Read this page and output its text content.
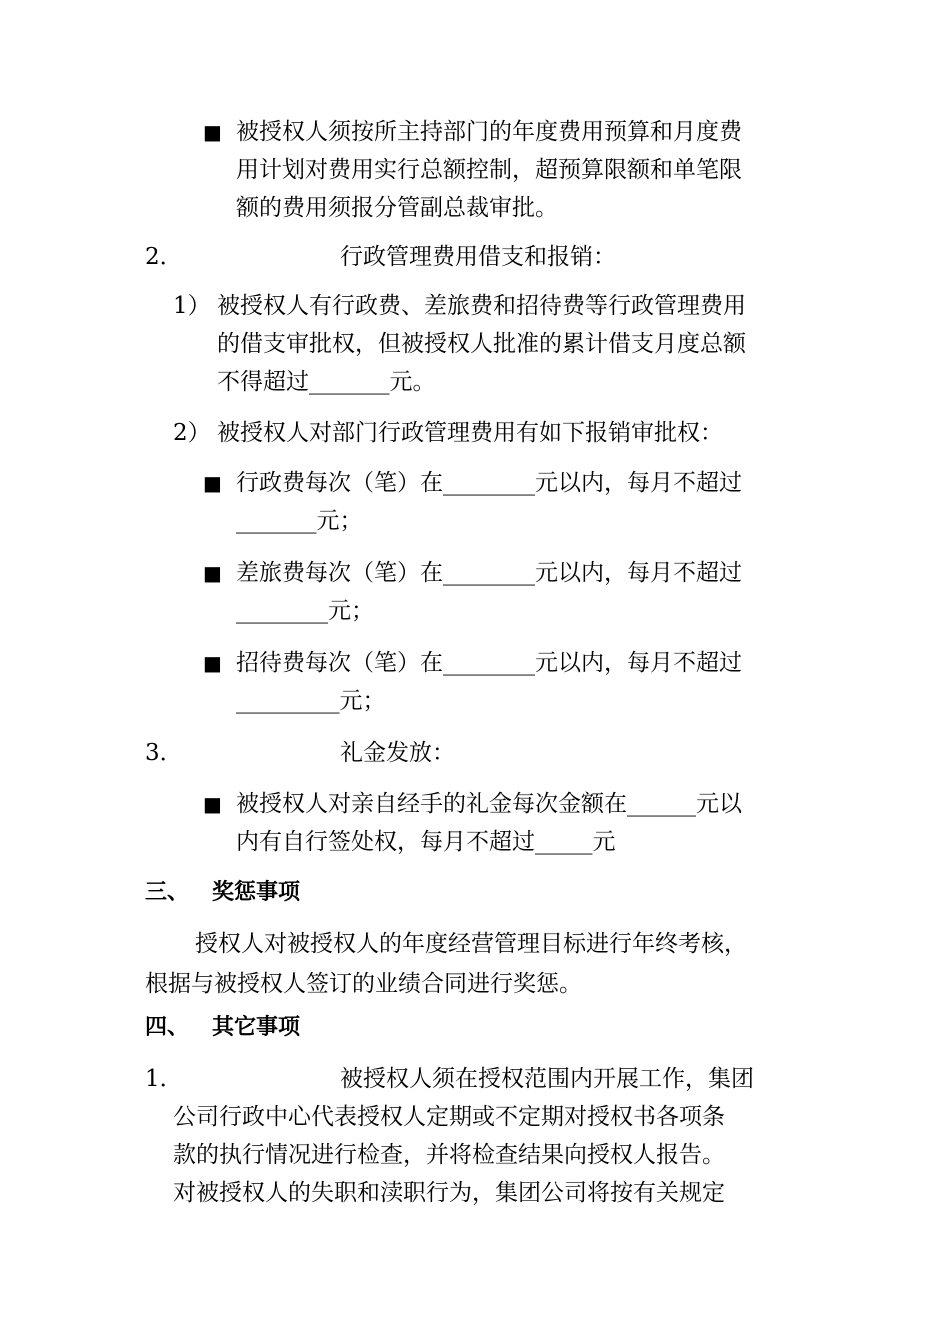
■ 被授权人须按所主持部门的年度费用预算和月度费
用计划对费用实行总额控制，超预算限额和单笔限
额的费用须报分管副总裁审批。
2．	行政管理费用借支和报销：
1） 被授权人有行政费、差旅费和招待费等行政管理费用
的借支审批权，但被授权人批准的累计借支月度总额
不得超过_______元。
2） 被授权人对部门行政管理费用有如下报销审批权：
■ 行政费每次（笔）在________元以内，每月不超过
_______元；
■ 差旅费每次（笔）在________元以内，每月不超过
________元；
■ 招待费每次（笔）在________元以内，每月不超过
_________元；
3．	礼金发放：
■ 被授权人对亲自经手的礼金每次金额在______元以
内有自行签处权，每月不超过_____元
三、 奖惩事项
授权人对被授权人的年度经营管理目标进行年终考核，
根据与被授权人签订的业绩合同进行奖惩。
四、 其它事项
1．	被授权人须在授权范围内开展工作，集团
公司行政中心代表授权人定期或不定期对授权书各项条
款的执行情况进行检查，并将检查结果向授权人报告。
对被授权人的失职和渎职行为，集团公司将按有关规定
